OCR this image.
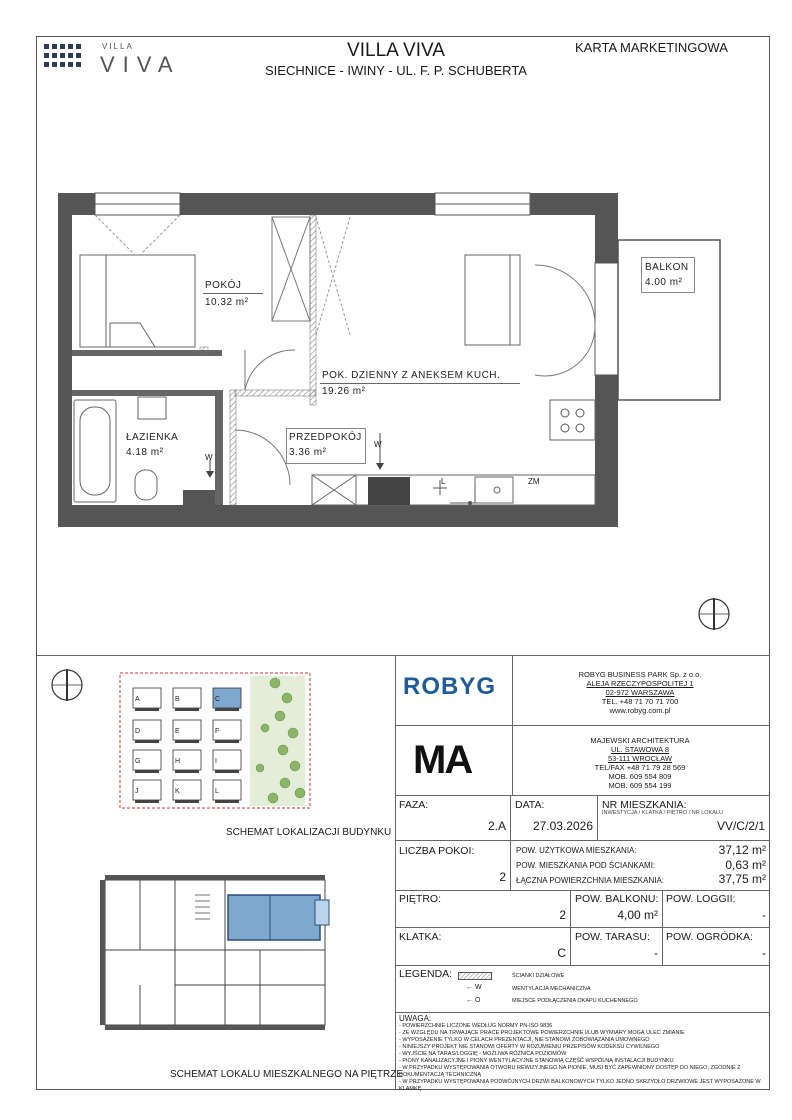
VILLA
VIVA
VILLA VIVA
SIECHNICE - IWINY - UL. F. P. SCHUBERTA
KARTA MARKETINGOWA
POKÓJ
10.32 m²
POK. DZIENNY Z ANEKSEM KUCH.
19.26 m²
ŁAZIENKA
4.18 m²
PRZEDPOKÓJ
3.36 m²
BALKON
4.00 m²
W
W
L	ZM
A	B	C
D	E	F
G	H	I
J	K	L
SCHEMAT LOKALIZACJI BUDYNKU
SCHEMAT LOKALU MIESZKALNEGO NA PIĘTRZE
ROBYG	ROBYG BUSINESS PARK Sp. z o.o.
ALEJA RZECZYPOSPOLITEJ 1
02-972 WARSZAWA
TEL. +48 71 70 71 700
www.robyg.com.pl
MA	MAJEWSKI ARCHITEKTURA
UL. STAWOWA 8
53-111 WROCŁAW
TEL/FAX +48 71 79 28 569
MOB. 609 554 809
MOB. 609 554 199
FAZA:
2.A
DATA:
27.03.2026
NR MIESZKANIA:
INWESTYCJA / KLATKA / PIĘTRO / NR LOKALU
VV/C/2/1
LICZBA POKOI:
2
POW. UŻYTKOWA MIESZKANIA:	37,12 m²
POW. MIESZKANIA POD ŚCIANKAMI:	0,63 m²
ŁĄCZNA POWIERZCHNIA MIESZKANIA:	37,75 m²
PIĘTRO:
2
POW. BALKONU:
4,00 m²
POW. LOGGII:
-
KLATKA:
C
POW. TARASU:
-
POW. OGRÓDKA:
-
LEGENDA:	ŚCIANKI DZIAŁOWE
← W	WENTYLACJA MECHANICZNA
← O	MIEJSCE PODŁĄCZENIA OKAPU KUCHENNEGO
UWAGA:
- POWIERZCHNIE LICZONE WEDŁUG NORMY PN-ISO 9836
- ZE WZGLĘDU NA TRWAJĄCE PRACE PROJEKTOWE POWIERZCHNIE I/LUB WYMIARY MOGĄ ULEC ZMIANIE
- WYPOSAŻENIE TYLKO W CELACH PREZENTACJI, NIE STANOWI ZOBOWIĄZANIA UMOWNEGO
- NINIEJSZY PROJEKT NIE STANOWI OFERTY W ROZUMIENIU PRZEPISÓW KODEKSU CYWILNEGO
- WYJŚCIE NA TARAS/LOGGIĘ - MOŻLIWA RÓŻNICA POZIOMÓW
- PIONY KANALIZACYJNE I PIONY WENTYLACYJNE STANOWIĄ CZĘŚĆ WSPÓLNĄ INSTALACJI BUDYNKU
- W PRZYPADKU WYSTĘPOWANIA OTWORU REWIZYJNEGO NA PIONIE, MUSI BYĆ ZAPEWNIONY DOSTĘP DO NIEGO, ZGODNIE Z DOKUMENTACJĄ TECHNICZNĄ
- W PRZYPADKU WYSTĘPOWANIA PODWÓJNYCH DRZWI BALKONOWYCH TYLKO JEDNO SKRZYDŁO DRZWIOWE JEST WYPOSAŻONE W KLAMKĘ
